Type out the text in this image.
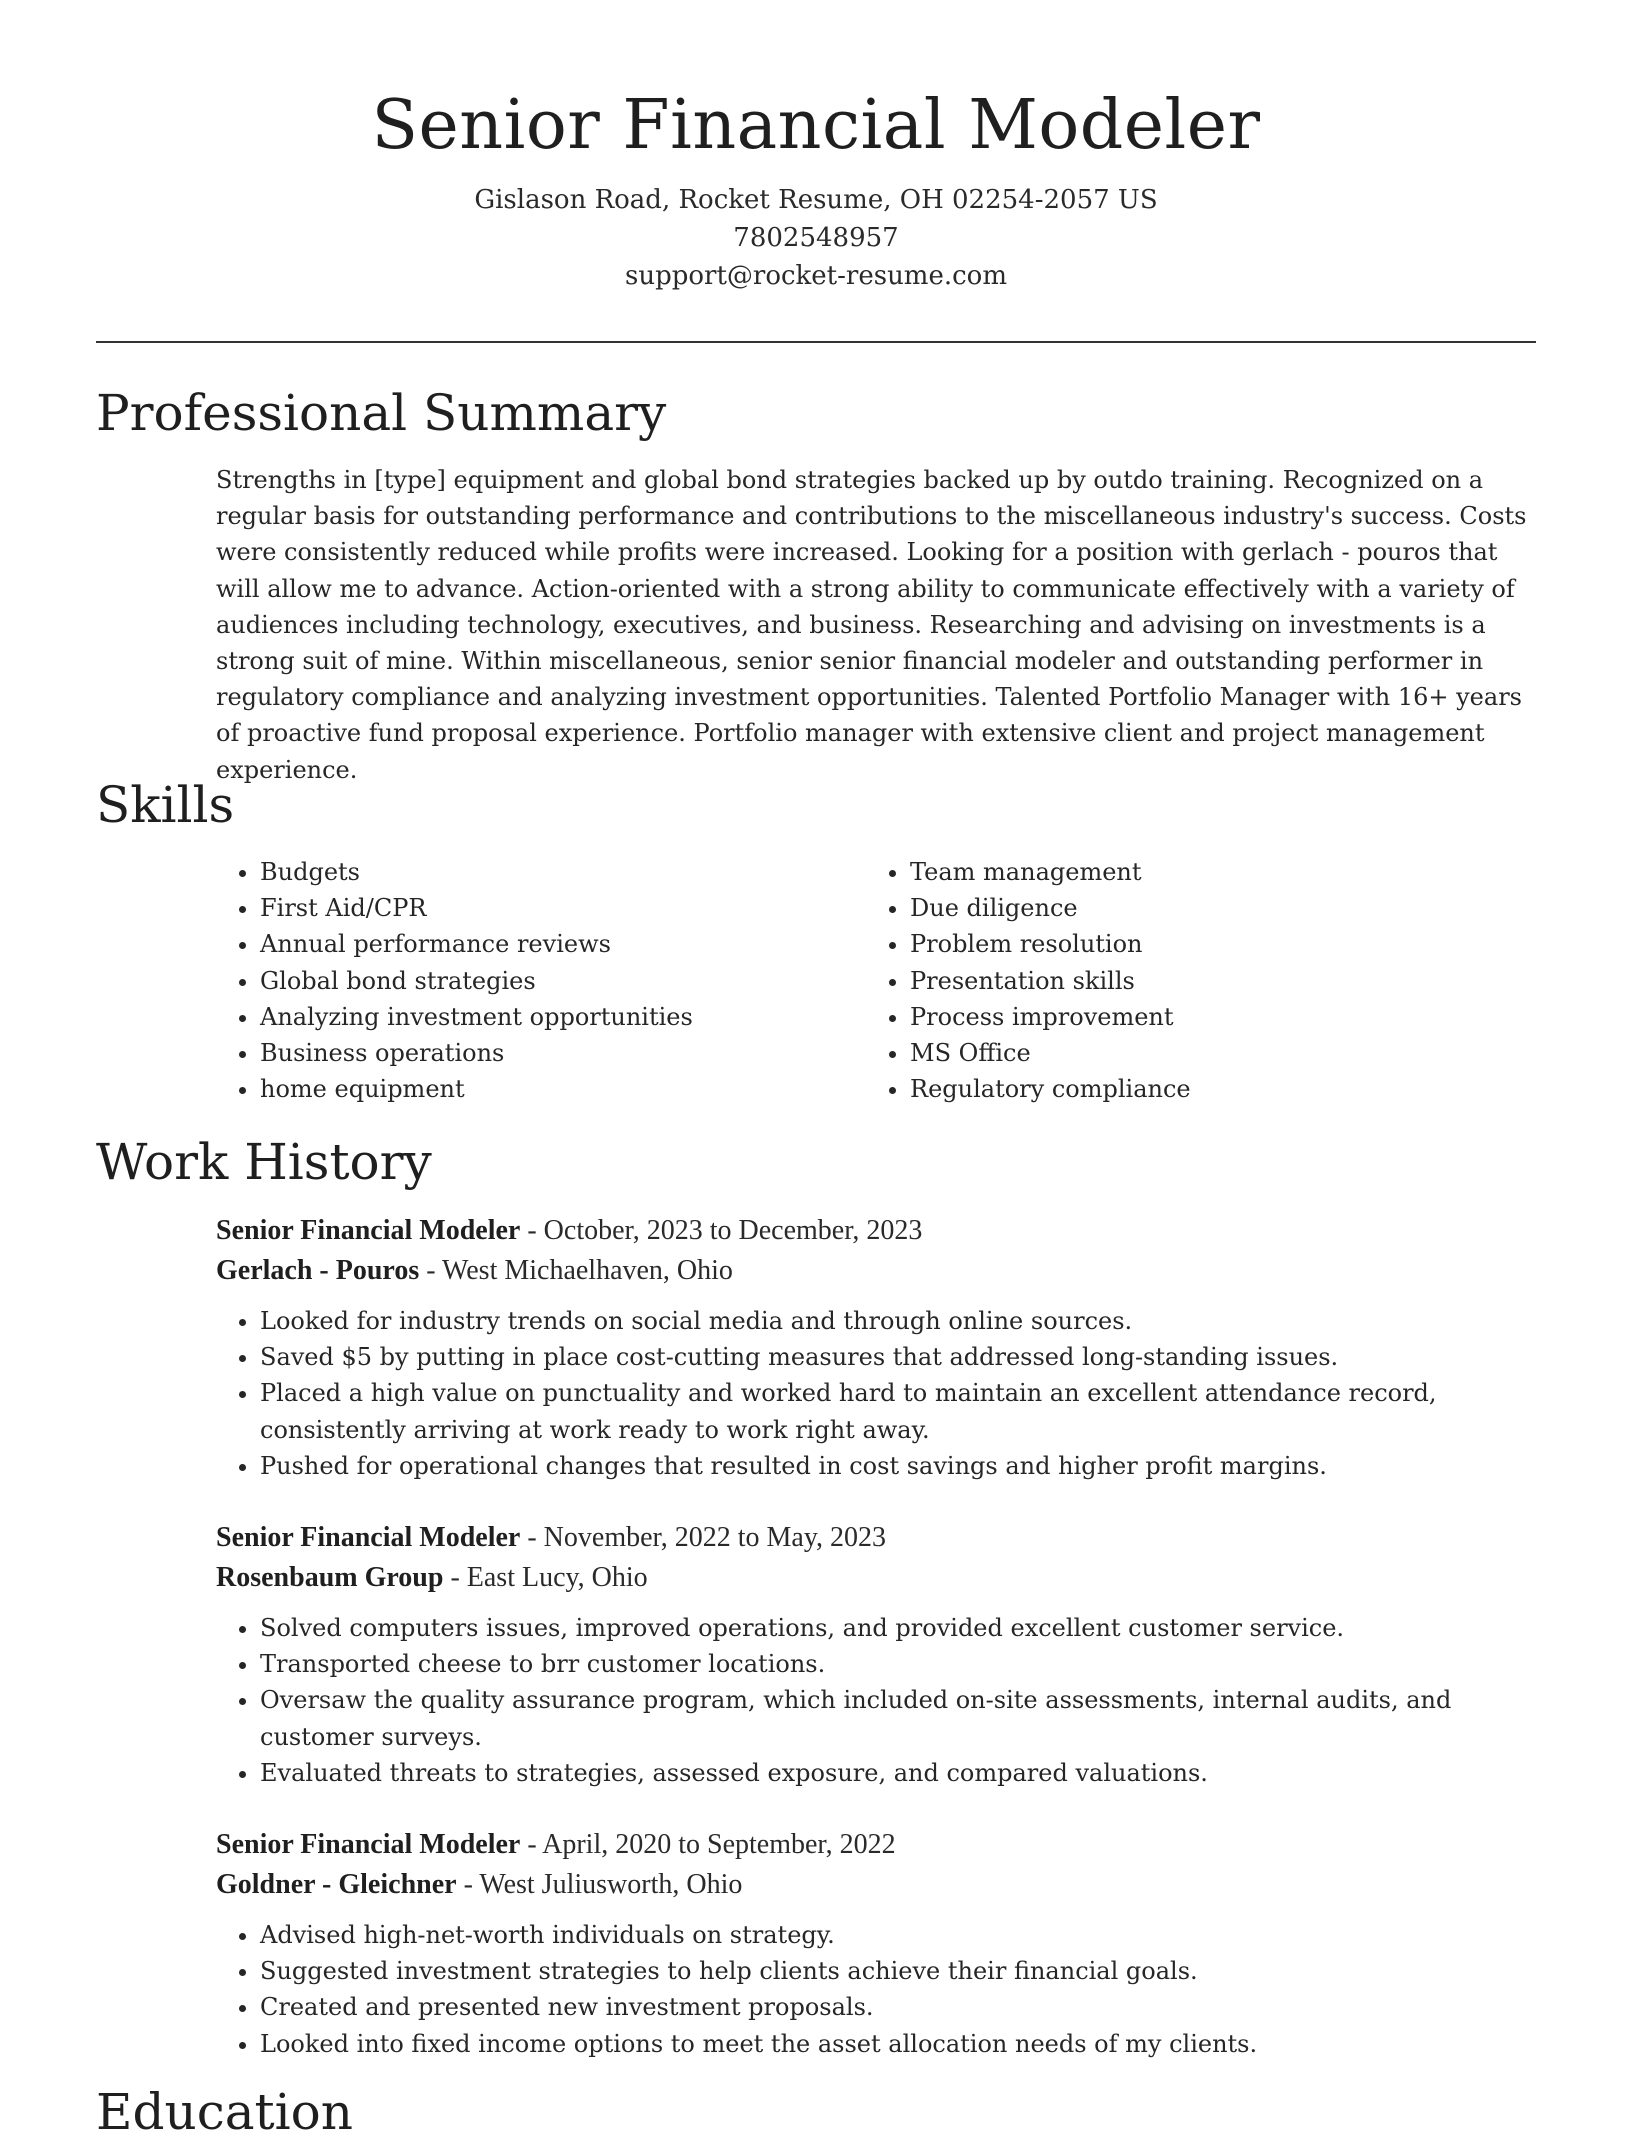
Senior Financial Modeler
Gislason Road, Rocket Resume, OH 02254-2057 US
7802548957
support@rocket-resume.com
Professional Summary

Strengths in [type] equipment and global bond strategies backed up by outdo training. Recognized on a regular basis for outstanding performance and contributions to the miscellaneous industry's success. Costs were consistently reduced while profits were increased. Looking for a position with gerlach - pouros that will allow me to advance. Action-oriented with a strong ability to communicate effectively with a variety of audiences including technology, executives, and business. Researching and advising on investments is a strong suit of mine. Within miscellaneous, senior senior financial modeler and outstanding performer in regulatory compliance and analyzing investment opportunities. Talented Portfolio Manager with 16+ years of proactive fund proposal experience. Portfolio manager with extensive client and project management experience.

Skills
• Budgets
• First Aid/CPR
• Annual performance reviews
• Global bond strategies
• Analyzing investment opportunities
• Business operations
• home equipment
• Team management
• Due diligence
• Problem resolution
• Presentation skills
• Process improvement
• MS Office
• Regulatory compliance
Work History
Senior Financial Modeler - October, 2023 to December, 2023
Gerlach - Pouros - West Michaelhaven, Ohio
• Looked for industry trends on social media and through online sources.
• Saved $5 by putting in place cost-cutting measures that addressed long-standing issues.
• Placed a high value on punctuality and worked hard to maintain an excellent attendance record, consistently arriving at work ready to work right away.
• Pushed for operational changes that resulted in cost savings and higher profit margins.
Senior Financial Modeler - November, 2022 to May, 2023
Rosenbaum Group - East Lucy, Ohio
• Solved computers issues, improved operations, and provided excellent customer service.
• Transported cheese to brr customer locations.
• Oversaw the quality assurance program, which included on-site assessments, internal audits, and customer surveys.
• Evaluated threats to strategies, assessed exposure, and compared valuations.
Senior Financial Modeler - April, 2020 to September, 2022
Goldner - Gleichner - West Juliusworth, Ohio
• Advised high-net-worth individuals on strategy.
• Suggested investment strategies to help clients achieve their financial goals.
• Created and presented new investment proposals.
• Looked into fixed income options to meet the asset allocation needs of my clients.
Education
